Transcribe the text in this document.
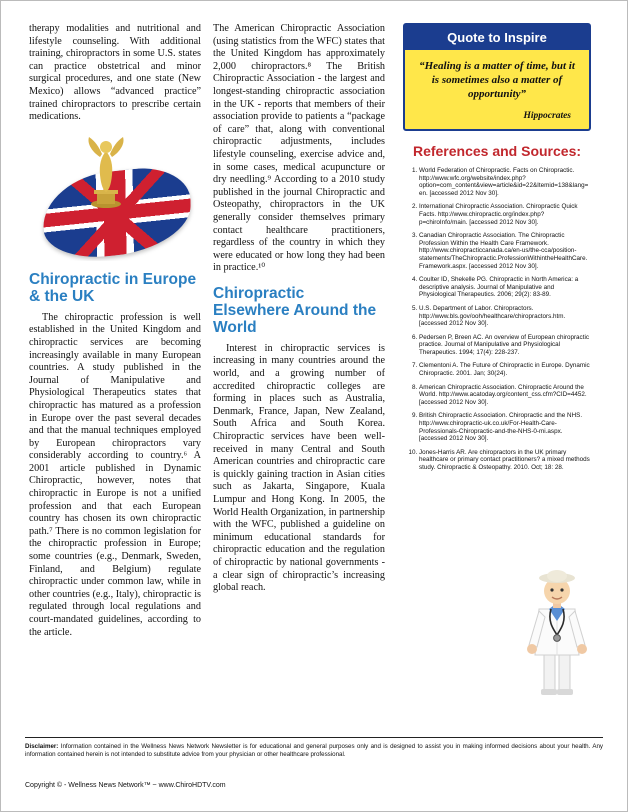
therapy modalities and nutritional and lifestyle counseling. With additional training, chiropractors in some U.S. states can practice obstetrical and minor surgical procedures, and one state (New Mexico) allows “advanced practice” trained chiropractors to prescribe certain medications.

Chiropractic in Europe & the UK

The chiropractic profession is well established in the United Kingdom and chiropractic services are becoming increasingly available in many European countries. A study published in the Journal of Manipulative and Physiological Therapeutics states that chiropractic has matured as a profession in Europe over the past several decades and that the manual techniques employed by European chiropractors vary considerably according to country.⁶ A 2001 article published in Dynamic Chiropractic, however, notes that chiropractic in Europe is not a unified profession and that each European country has chosen its own chiropractic path.⁷ There is no common legislation for the chiropractic profession in Europe; some countries (e.g., Denmark, Sweden, Finland, and Belgium) regulate chiropractic under common law, while in other countries (e.g., Italy), chiropractic is regulated through local regulations and court-mandated guidelines, according to the article.

The American Chiropractic Association (using statistics from the WFC) states that the United Kingdom has approximately 2,000 chiropractors.⁸ The British Chiropractic Association - the largest and longest-standing chiropractic association in the UK - reports that members of their association provide to patients a “package of care” that, along with conventional chiropractic adjustments, includes lifestyle counseling, exercise advice and, in some cases, medical acupuncture or dry needling.⁹ According to a 2010 study published in the journal Chiropractic and Osteopathy, chiropractors in the UK generally consider themselves primary contact healthcare practitioners, regardless of the country in which they were educated or how long they had been in practice.¹⁰

Chiropractic Elsewhere Around the World

Interest in chiropractic services is increasing in many countries around the world, and a growing number of accredited chiropractic colleges are forming in places such as Australia, Denmark, France, Japan, New Zealand, South Africa and South Korea. Chiropractic services have been well-received in many Central and South American countries and chiropractic care is quickly gaining traction in Asian cities such as Jakarta, Singapore, Kuala Lumpur and Hong Kong. In 2005, the World Health Organization, in partnership with the WFC, published a guideline on minimum educational standards for chiropractic education and the regulation of chiropractic by national governments - a clear sign of chiropractic’s increasing global reach.

Quote to Inspire
“Healing is a matter of time, but it is sometimes also a matter of opportunity”
Hippocrates
References and Sources:
1. World Federation of Chiropractic. Facts on Chiropractic. http://www.wfc.org/website/index.php?option=com_content&view=article&id=22&Itemid=138&lang=en. [accessed 2012 Nov 30].
2. International Chiropractic Association. Chiropractic Quick Facts. http://www.chiropractic.org/index.php?p=chiroInfo/main. [accessed 2012 Nov 30].
3. Canadian Chiropractic Association. The Chiropractic Profession Within the Health Care Framework. http://www.chiropracticcanada.ca/en-us/the-cca/position-statements/TheChiropractic.ProfessionWithintheHealthCare.Framework.aspx. [accessed 2012 Nov 30].
4. Coulter ID, Shekelle PG. Chiropractic in North America: a descriptive analysis. Journal of Manipulative and Physiological Therapeutics. 2006; 29(2): 83-89.
5. U.S. Department of Labor. Chiropractors. http://www.bls.gov/ooh/healthcare/chiropractors.htm. [accessed 2012 Nov 30].
6. Pedersen P, Breen AC. An overview of European chiropractic practice. Journal of Manipulative and Physiological Therapeutics. 1994; 17(4): 228-237.
7. Clementoni A. The Future of Chiropractic in Europe. Dynamic Chiropractic. 2001. Jan; 30(24).
8. American Chiropractic Association. Chiropractic Around the World. http://www.acatoday.org/content_css.cfm?CID=4452. [accessed 2012 Nov 30].
9. British Chiropractic Association. Chiropractic and the NHS. http://www.chiropractic-uk.co.uk/For-Health-Care-Professionals-Chiropractic-and-the-NHS-0-mi.aspx. [accessed 2012 Nov 30].
10. Jones-Harris AR. Are chiropractors in the UK primary healthcare or primary contact practitioners? a mixed methods study. Chiropractic & Osteopathy. 2010. Oct; 18: 28.
Disclaimer: Information contained in the Wellness News Network Newsletter is for educational and general purposes only and is designed to assist you in making informed decisions about your health. Any information contained herein is not intended to substitute advice from your physician or other healthcare professional.
Copyright © - Wellness News Network™ ~ www.ChiroHDTV.com
